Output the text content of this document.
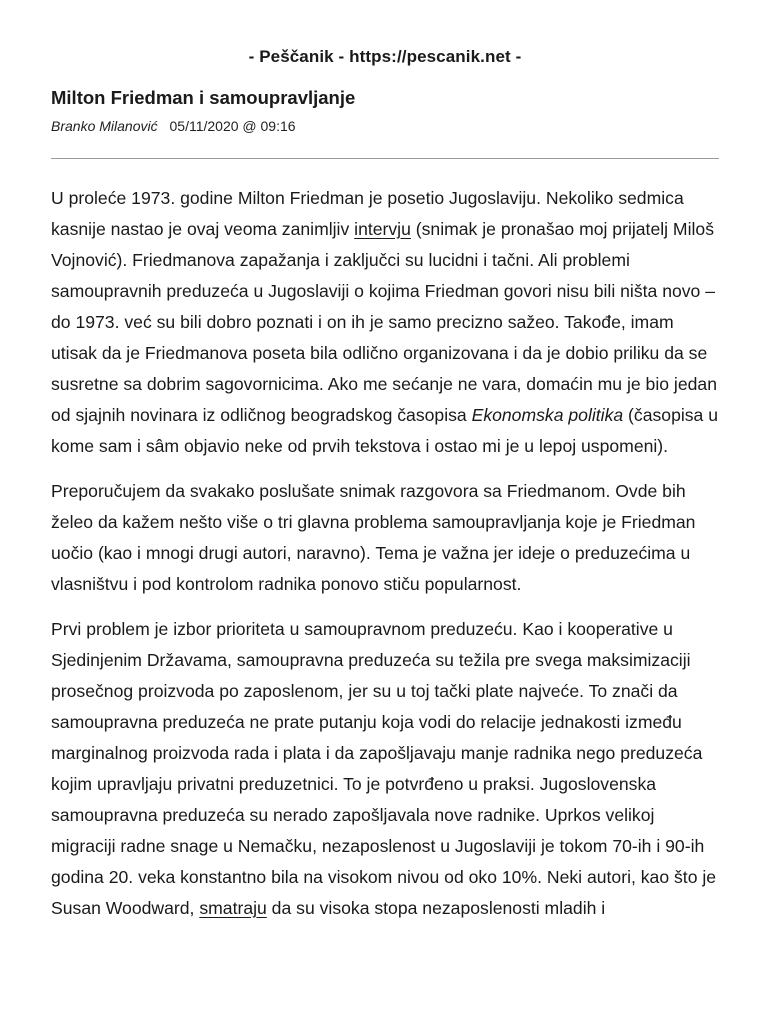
- Peščanik - https://pescanik.net -
Milton Friedman i samoupravljanje
Branko Milanović 05/11/2020 @ 09:16

U proleće 1973. godine Milton Friedman je posetio Jugoslaviju. Nekoliko sedmica kasnije nastao je ovaj veoma zanimljiv intervju (snimak je pronašao moj prijatelj Miloš Vojnović). Friedmanova zapažanja i zaključci su lucidni i tačni. Ali problemi samoupravnih preduzeća u Jugoslaviji o kojima Friedman govori nisu bili ništa novo – do 1973. već su bili dobro poznati i on ih je samo precizno sažeo. Takođe, imam utisak da je Friedmanova poseta bila odlično organizovana i da je dobio priliku da se susretne sa dobrim sagovornicima. Ako me sećanje ne vara, domaćin mu je bio jedan od sjajnih novinara iz odličnog beogradskog časopisa Ekonomska politika (časopisa u kome sam i sâm objavio neke od prvih tekstova i ostao mi je u lepoj uspomeni).

Preporučujem da svakako poslušate snimak razgovora sa Friedmanom. Ovde bih želeo da kažem nešto više o tri glavna problema samoupravljanja koje je Friedman uočio (kao i mnogi drugi autori, naravno). Tema je važna jer ideje o preduzećima u vlasništvu i pod kontrolom radnika ponovo stiču popularnost.

Prvi problem je izbor prioriteta u samoupravnom preduzeću. Kao i kooperative u Sjedinjenim Državama, samoupravna preduzeća su težila pre svega maksimizaciji prosečnog proizvoda po zaposlenom, jer su u toj tački plate najveće. To znači da samoupravna preduzeća ne prate putanju koja vodi do relacije jednakosti između marginalnog proizvoda rada i plata i da zapošljavaju manje radnika nego preduzeća kojim upravljaju privatni preduzetnici. To je potvrđeno u praksi. Jugoslovenska samoupravna preduzeća su nerado zapošljavala nove radnike. Uprkos velikoj migraciji radne snage u Nemačku, nezaposlenost u Jugoslaviji je tokom 70-ih i 90-ih godina 20. veka konstantno bila na visokom nivou od oko 10%. Neki autori, kao što je Susan Woodward, smatraju da su visoka stopa nezaposlenosti mladih i
